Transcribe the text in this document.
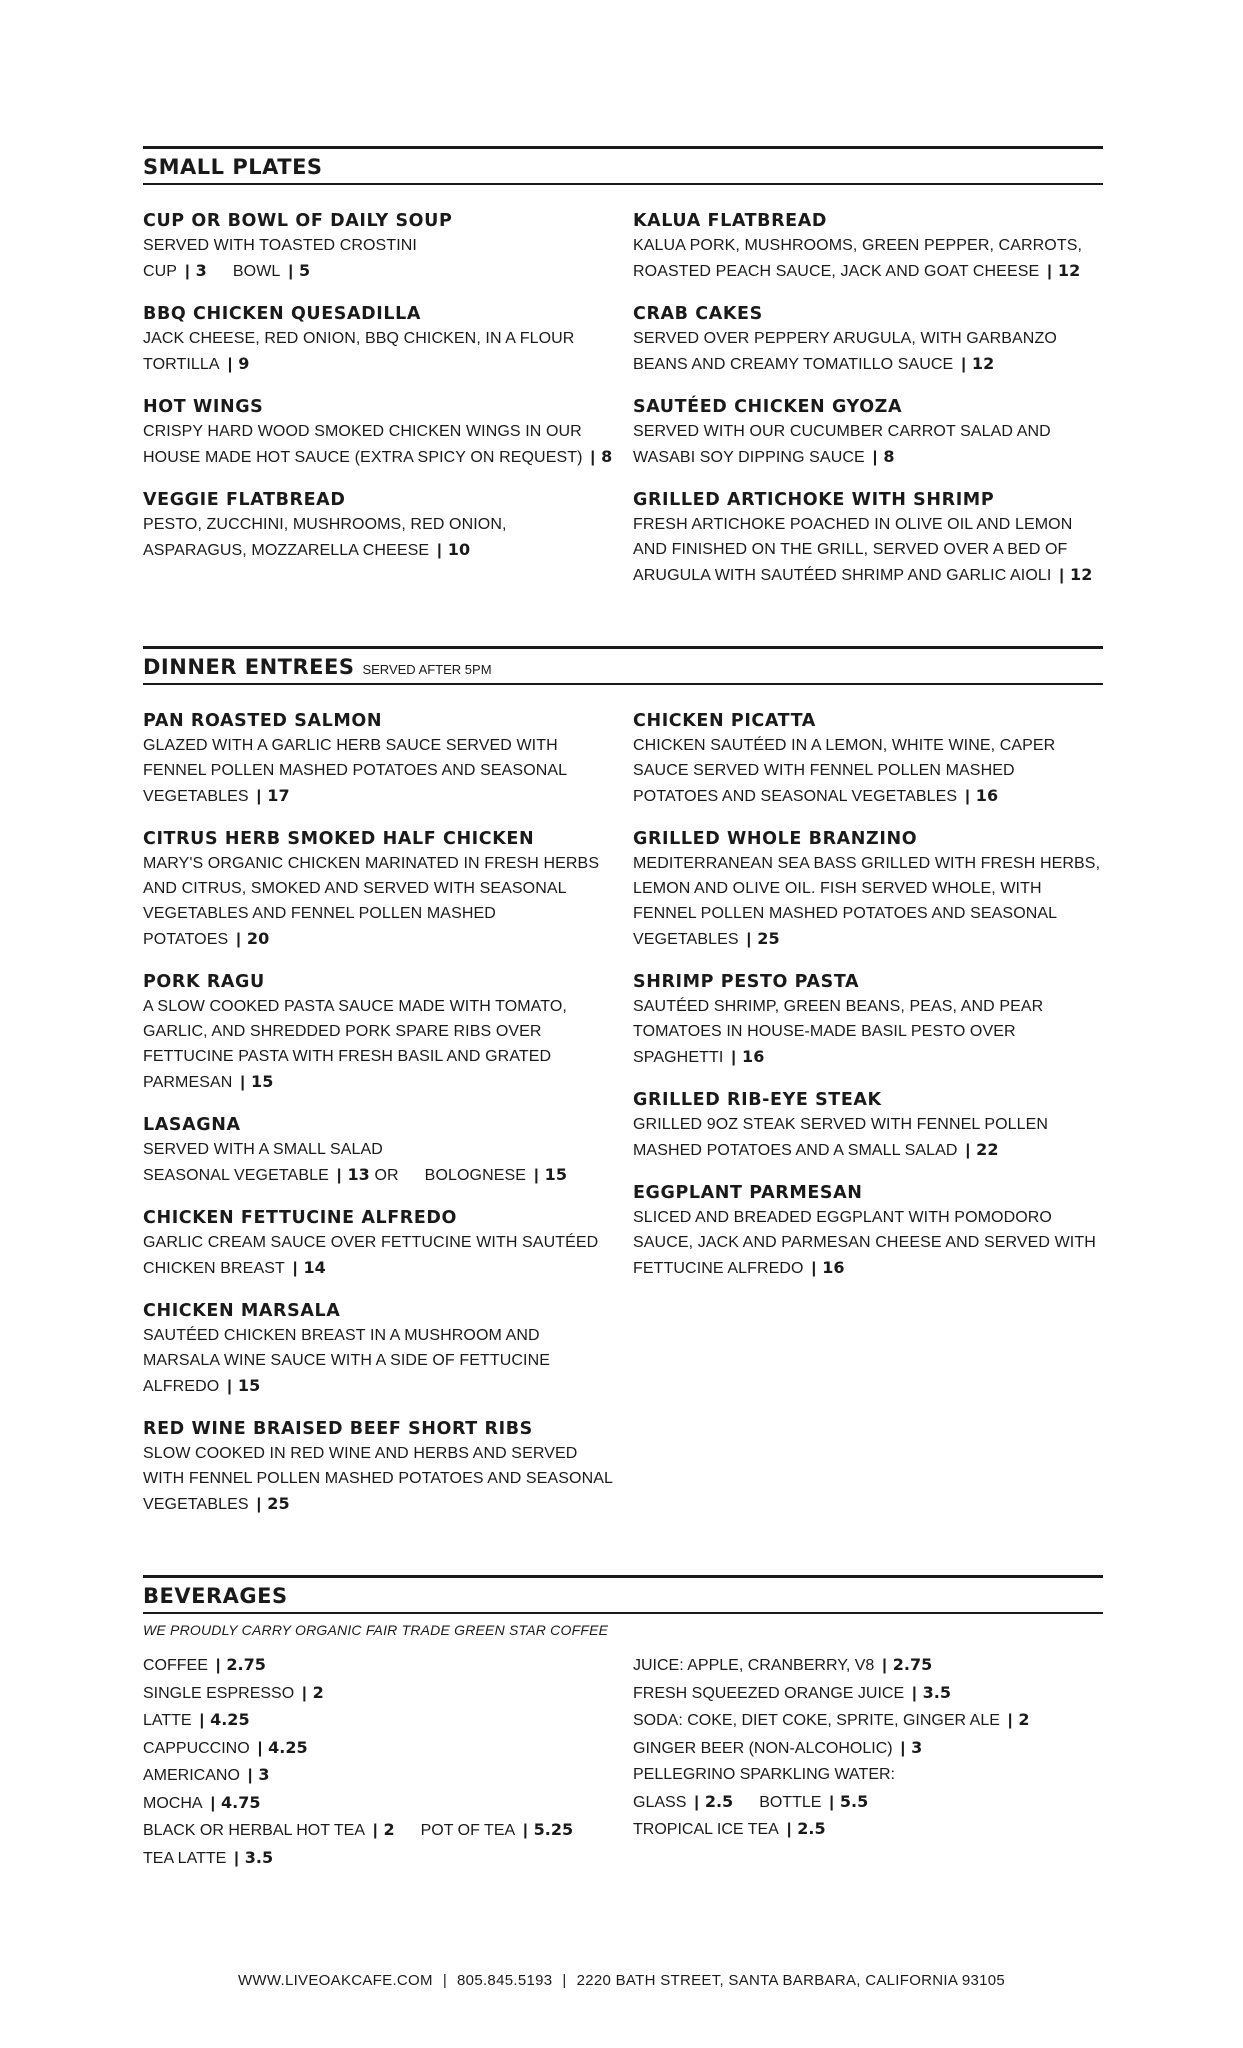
SMALL PLATES
CUP OR BOWL OF DAILY SOUP
SERVED WITH TOASTED CROSTINI
CUP | 3 BOWL | 5
BBQ CHICKEN QUESADILLA
JACK CHEESE, RED ONION, BBQ CHICKEN, IN A FLOUR TORTILLA | 9
HOT WINGS
CRISPY HARD WOOD SMOKED CHICKEN WINGS IN OUR HOUSE MADE HOT SAUCE (EXTRA SPICY ON REQUEST) | 8
VEGGIE FLATBREAD
PESTO, ZUCCHINI, MUSHROOMS, RED ONION, ASPARAGUS, MOZZARELLA CHEESE | 10
KALUA FLATBREAD
KALUA PORK, MUSHROOMS, GREEN PEPPER, CARROTS, ROASTED PEACH SAUCE, JACK AND GOAT CHEESE | 12
CRAB CAKES
SERVED OVER PEPPERY ARUGULA, WITH GARBANZO BEANS AND CREAMY TOMATILLO SAUCE | 12
SAUTÉED CHICKEN GYOZA
SERVED WITH OUR CUCUMBER CARROT SALAD AND WASABI SOY DIPPING SAUCE | 8
GRILLED ARTICHOKE WITH SHRIMP
FRESH ARTICHOKE POACHED IN OLIVE OIL AND LEMON AND FINISHED ON THE GRILL, SERVED OVER A BED OF ARUGULA WITH SAUTÉED SHRIMP AND GARLIC AIOLI | 12
DINNER ENTREES SERVED AFTER 5PM
PAN ROASTED SALMON
GLAZED WITH A GARLIC HERB SAUCE SERVED WITH FENNEL POLLEN MASHED POTATOES AND SEASONAL VEGETABLES | 17
CITRUS HERB SMOKED HALF CHICKEN
MARY'S ORGANIC CHICKEN MARINATED IN FRESH HERBS AND CITRUS, SMOKED AND SERVED WITH SEASONAL VEGETABLES AND FENNEL POLLEN MASHED POTATOES | 20
PORK RAGU
A SLOW COOKED PASTA SAUCE MADE WITH TOMATO, GARLIC, AND SHREDDED PORK SPARE RIBS OVER FETTUCINE PASTA WITH FRESH BASIL AND GRATED PARMESAN | 15
LASAGNA
SERVED WITH A SMALL SALAD
SEASONAL VEGETABLE | 13 OR BOLOGNESE | 15
CHICKEN FETTUCINE ALFREDO
GARLIC CREAM SAUCE OVER FETTUCINE WITH SAUTÉED CHICKEN BREAST | 14
CHICKEN MARSALA
SAUTÉED CHICKEN BREAST IN A MUSHROOM AND MARSALA WINE SAUCE WITH A SIDE OF FETTUCINE ALFREDO | 15
RED WINE BRAISED BEEF SHORT RIBS
SLOW COOKED IN RED WINE AND HERBS AND SERVED WITH FENNEL POLLEN MASHED POTATOES AND SEASONAL VEGETABLES | 25
CHICKEN PICATTA
CHICKEN SAUTÉED IN A LEMON, WHITE WINE, CAPER SAUCE SERVED WITH FENNEL POLLEN MASHED POTATOES AND SEASONAL VEGETABLES | 16
GRILLED WHOLE BRANZINO
MEDITERRANEAN SEA BASS GRILLED WITH FRESH HERBS, LEMON AND OLIVE OIL. FISH SERVED WHOLE, WITH FENNEL POLLEN MASHED POTATOES AND SEASONAL VEGETABLES | 25
SHRIMP PESTO PASTA
SAUTÉED SHRIMP, GREEN BEANS, PEAS, AND PEAR TOMATOES IN HOUSE-MADE BASIL PESTO OVER SPAGHETTI | 16
GRILLED RIB-EYE STEAK
GRILLED 9OZ STEAK SERVED WITH FENNEL POLLEN MASHED POTATOES AND A SMALL SALAD | 22
EGGPLANT PARMESAN
SLICED AND BREADED EGGPLANT WITH POMODORO SAUCE, JACK AND PARMESAN CHEESE AND SERVED WITH FETTUCINE ALFREDO | 16
BEVERAGES
WE PROUDLY CARRY ORGANIC FAIR TRADE GREEN STAR COFFEE
COFFEE | 2.75
SINGLE ESPRESSO | 2
LATTE | 4.25
CAPPUCCINO | 4.25
AMERICANO | 3
MOCHA | 4.75
BLACK OR HERBAL HOT TEA | 2 POT OF TEA | 5.25
TEA LATTE | 3.5
JUICE: APPLE, CRANBERRY, V8 | 2.75
FRESH SQUEEZED ORANGE JUICE | 3.5
SODA: COKE, DIET COKE, SPRITE, GINGER ALE | 2
GINGER BEER (NON-ALCOHOLIC) | 3
PELLEGRINO SPARKLING WATER:
GLASS | 2.5 BOTTLE | 5.5
TROPICAL ICE TEA | 2.5
WWW.LIVEOAKCAFE.COM | 805.845.5193 | 2220 BATH STREET, SANTA BARBARA, CALIFORNIA 93105
